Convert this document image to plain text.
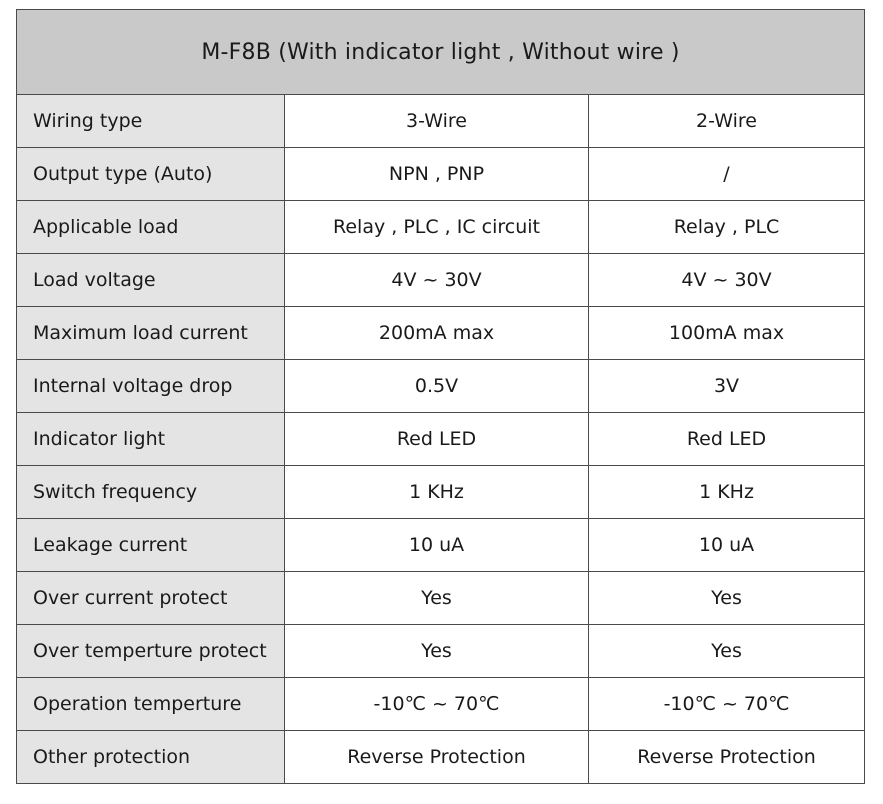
M-F8B (With indicator light , Without wire )		
Wiring type	3-Wire	2-Wire
Output type (Auto)	NPN , PNP	/
Applicable load	Relay , PLC , IC circuit	Relay , PLC
Load voltage	4V ~ 30V	4V ~ 30V
Maximum load current	200mA max	100mA max
Internal voltage drop	0.5V	3V
Indicator light	Red LED	Red LED
Switch frequency	1 KHz	1 KHz
Leakage current	10 uA	10 uA
Over current protect	Yes	Yes
Over temperture protect	Yes	Yes
Operation temperture	-10℃ ~ 70℃	-10℃ ~ 70℃
Other protection	Reverse Protection	Reverse Protection
